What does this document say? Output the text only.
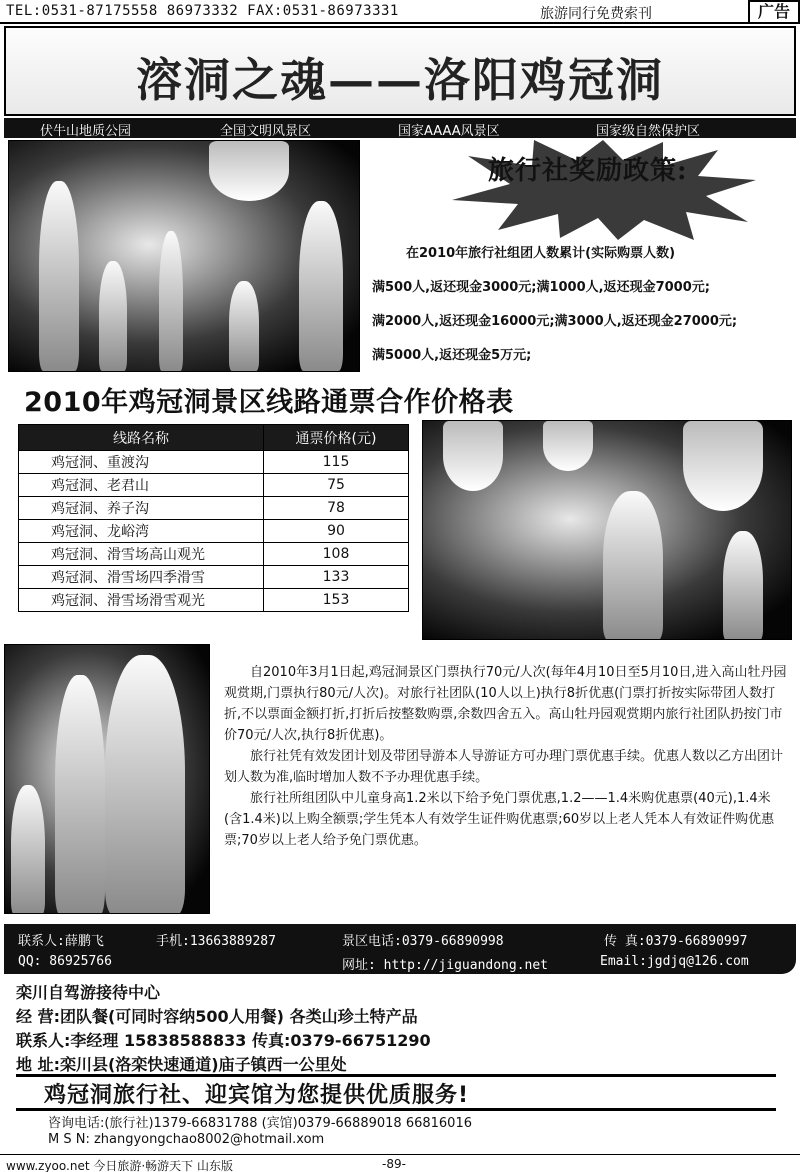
TEL:0531-87175558 86973332 FAX:0531-86973331	旅游同行免费索刊	广告
溶洞之魂——洛阳鸡冠洞
伏牛山地质公园	全国文明风景区	国家AAAA风景区	国家级自然保护区
旅行社奖励政策:
在2010年旅行社组团人数累计(实际购票人数)
满500人,返还现金3000元;满1000人,返还现金7000元;
满2000人,返还现金16000元;满3000人,返还现金27000元;
满5000人,返还现金5万元;
2010年鸡冠洞景区线路通票合作价格表
线路名称	通票价格(元)
鸡冠洞、重渡沟	115
鸡冠洞、老君山	75
鸡冠洞、养子沟	78
鸡冠洞、龙峪湾	90
鸡冠洞、滑雪场高山观光	108
鸡冠洞、滑雪场四季滑雪	133
鸡冠洞、滑雪场滑雪观光	153

自2010年3月1日起,鸡冠洞景区门票执行70元/人次(每年4月10日至5月10日,进入高山牡丹园观赏期,门票执行80元/人次)。对旅行社团队(10人以上)执行8折优惠(门票打折按实际带团人数打折,不以票面金额打折,打折后按整数购票,余数四舍五入。高山牡丹园观赏期内旅行社团队扔按门市价70元/人次,执行8折优惠)。

旅行社凭有效发团计划及带团导游本人导游证方可办理门票优惠手续。优惠人数以乙方出团计划人数为准,临时增加人数不予办理优惠手续。

旅行社所组团队中儿童身高1.2米以下给予免门票优惠,1.2——1.4米购优惠票(40元),1.4米(含1.4米)以上购全额票;学生凭本人有效学生证件购优惠票;60岁以上老人凭本人有效证件购优惠票;70岁以上老人给予免门票优惠。

联系人:薛鹏飞	手机:13663889287	景区电话:0379-66890998	传 真:0379-66890997
QQ: 86925766	网址: http://jiguandong.net	Email:jgdjq@126.com
栾川自驾游接待中心
经 营:团队餐(可同时容纳500人用餐) 各类山珍土特产品
联系人:李经理 15838588833 传真:0379-66751290
地 址:栾川县(洛栾快速通道)庙子镇西一公里处
鸡冠洞旅行社、迎宾馆为您提供优质服务!
咨询电话:(旅行社)1379-66831788 (宾馆)0379-66889018 66816016
M S N: zhangyongchao8002@hotmail.xom
www.zyoo.net 今日旅游·畅游天下 山东版	-89-
